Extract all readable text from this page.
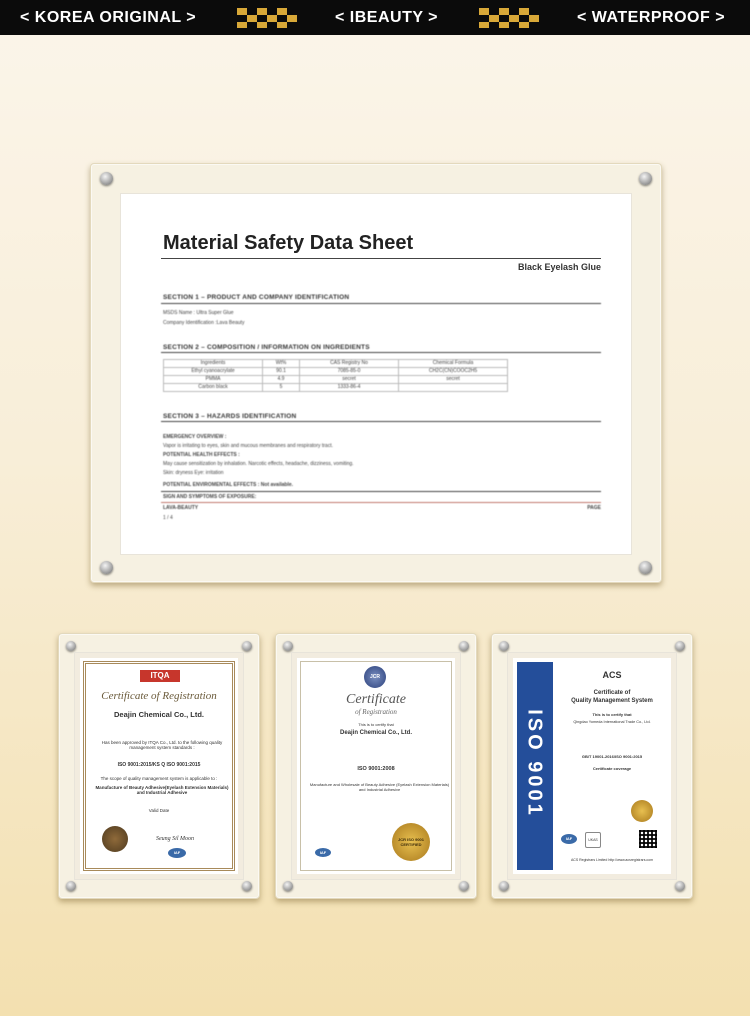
< KOREA ORIGINAL >	< IBEAUTY >	< WATERPROOF >
Material Safety Data Sheet
Black Eyelash Glue
SECTION 1 – PRODUCT AND COMPANY IDENTIFICATION
MSDS Name : Ultra Super Glue
Company Identification :Lava Beauty
SECTION 2 – COMPOSITION / INFORMATION ON INGREDIENTS
Ingredients	Wt%	CAS Registry No	Chemical Formula
Ethyl cyanoacrylate	90.1	7085-85-0	CH2C(CN)COOC2H5
PMMA	4.9	secret	secret
Carbon black	5	1333-86-4	
SECTION 3 – HAZARDS IDENTIFICATION
EMERGENCY OVERVIEW :
Vapor is irritating to eyes, skin and mucous membranes and respiratory tract.
POTENTIAL HEALTH EFFECTS :
May cause sensitization by inhalation. Narcotic effects, headache, dizziness, vomiting.
Skin: dryness Eye: irritation
POTENTIAL ENVIROMENTAL EFFECTS : Not available.
SIGN AND SYMPTOMS OF EXPOSURE:
LAVA-BEAUTY
1 / 4
PAGE
ITQA
Certificate of Registration
Deajin Chemical Co., Ltd.
Has been approved by ITQA Co., Ltd. to the following quality management system standards :
ISO 9001:2015/KS Q ISO 9001:2015
The scope of quality management system is applicable to :
Manufacture of Beauty Adhesive(Eyelash Extension Materials) and Industrial Adhesive
Valid Date
Seung Sil Moon
IAF
JCR
Certificate
of Registration
This is to certify that
Deajin Chemical Co., Ltd.
ISO 9001:2008
Manufacture and Wholesale of Beauty Adhesive (Eyelash Extension Materials) and Industrial Adhesive
JCR ISO 9001 CERTIFIED
IAF
ISO 9001
ACS
Certificate of
Quality Management System
This is to certify that
Qingdao Yomeda International Trade Co., Ltd.
GB/T 19001-2016/ISO 9001:2015
Certificate coverage
IAF	UKAS
ACS Registrars Limited http://www.acsregistrars.com
